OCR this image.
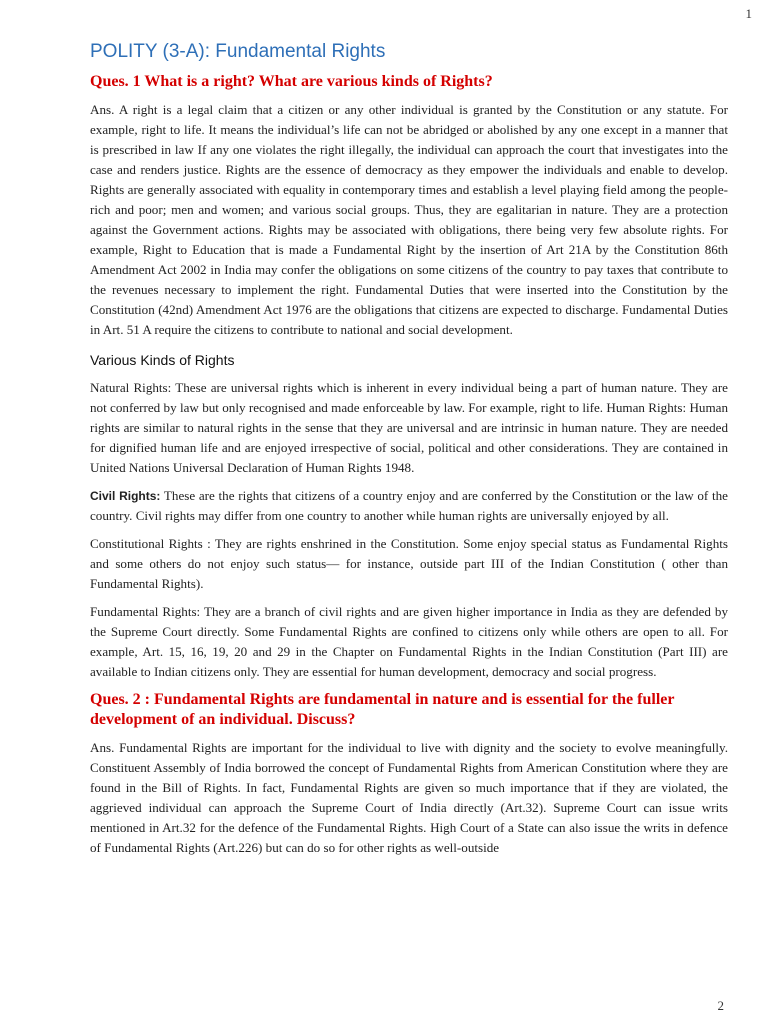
1
POLITY (3-A): Fundamental Rights
Ques. 1 What is a right? What are various kinds of Rights?

Ans. A right is a legal claim that a citizen or any other individual is granted by the Constitution or any statute. For example, right to life. It means the individual’s life can not be abridged or abolished by any one except in a manner that is prescribed in law If any one violates the right illegally, the individual can approach the court that investigates into the case and renders justice. Rights are the essence of democracy as they empower the individuals and enable to develop. Rights are generally associated with equality in contemporary times and establish a level playing field among the people-rich and poor; men and women; and various social groups. Thus, they are egalitarian in nature. They are a protection against the Government actions. Rights may be associated with obligations, there being very few absolute rights. For example, Right to Education that is made a Fundamental Right by the insertion of Art 21A by the Constitution 86th Amendment Act 2002 in India may confer the obligations on some citizens of the country to pay taxes that contribute to the revenues necessary to implement the right. Fundamental Duties that were inserted into the Constitution by the Constitution (42nd) Amendment Act 1976 are the obligations that citizens are expected to discharge. Fundamental Duties in Art. 51 A require the citizens to contribute to national and social development.

Various Kinds of Rights

Natural Rights: These are universal rights which is inherent in every individual being a part of human nature. They are not conferred by law but only recognised and made enforceable by law. For example, right to life. Human Rights: Human rights are similar to natural rights in the sense that they are universal and are intrinsic in human nature. They are needed for dignified human life and are enjoyed irrespective of social, political and other considerations. They are contained in United Nations Universal Declaration of Human Rights 1948.

Civil Rights: These are the rights that citizens of a country enjoy and are conferred by the Constitution or the law of the country. Civil rights may differ from one country to another while human rights are universally enjoyed by all.

Constitutional Rights : They are rights enshrined in the Constitution. Some enjoy special status as Fundamental Rights and some others do not enjoy such status— for instance, outside part III of the Indian Constitution ( other than Fundamental Rights).

Fundamental Rights: They are a branch of civil rights and are given higher importance in India as they are defended by the Supreme Court directly. Some Fundamental Rights are confined to citizens only while others are open to all. For example, Art. 15, 16, 19, 20 and 29 in the Chapter on Fundamental Rights in the Indian Constitution (Part III) are available to Indian citizens only. They are essential for human development, democracy and social progress.

Ques. 2 : Fundamental Rights are fundamental in nature and is essential for the fuller development of an individual. Discuss?

Ans. Fundamental Rights are important for the individual to live with dignity and the society to evolve meaningfully. Constituent Assembly of India borrowed the concept of Fundamental Rights from American Constitution where they are found in the Bill of Rights. In fact, Fundamental Rights are given so much importance that if they are violated, the aggrieved individual can approach the Supreme Court of India directly (Art.32). Supreme Court can issue writs mentioned in Art.32 for the defence of the Fundamental Rights. High Court of a State can also issue the writs in defence of Fundamental Rights (Art.226) but can do so for other rights as well-outside

2
